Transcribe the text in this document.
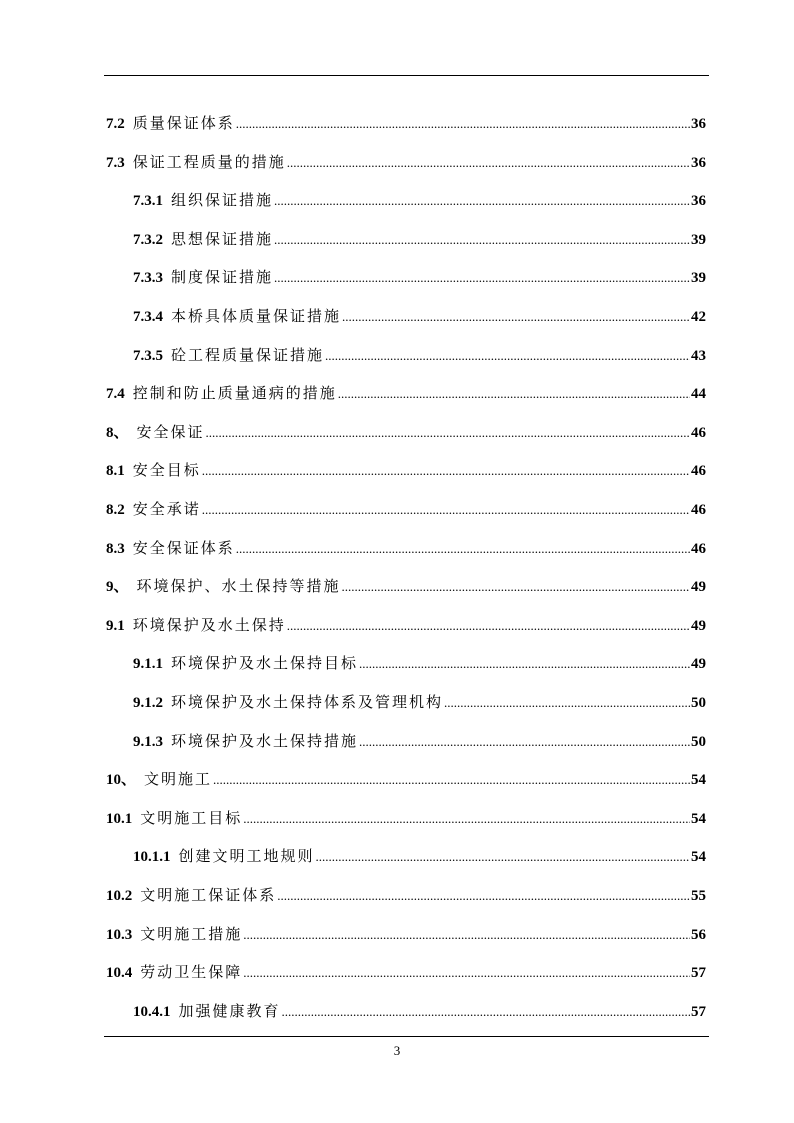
7.2 质量保证体系 .....	36
7.3 保证工程质量的措施 .....	36
7.3.1 组织保证措施 .....	36
7.3.2 思想保证措施 .....	39
7.3.3 制度保证措施 .....	39
7.3.4 本桥具体质量保证措施 .....	42
7.3.5 砼工程质量保证措施 .....	43
7.4 控制和防止质量通病的措施 .....	44
8、 安全保证 .....	46
8.1 安全目标 .....	46
8.2 安全承诺 .....	46
8.3 安全保证体系 .....	46
9、 环境保护、水土保持等措施 .....	49
9.1 环境保护及水土保持 .....	49
9.1.1 环境保护及水土保持目标 .....	49
9.1.2 环境保护及水土保持体系及管理机构 .....	50
9.1.3 环境保护及水土保持措施 .....	50
10、 文明施工 .....	54
10.1 文明施工目标 .....	54
10.1.1 创建文明工地规则 .....	54
10.2 文明施工保证体系 .....	55
10.3 文明施工措施 .....	56
10.4 劳动卫生保障 .....	57
10.4.1 加强健康教育 .....	57
3
